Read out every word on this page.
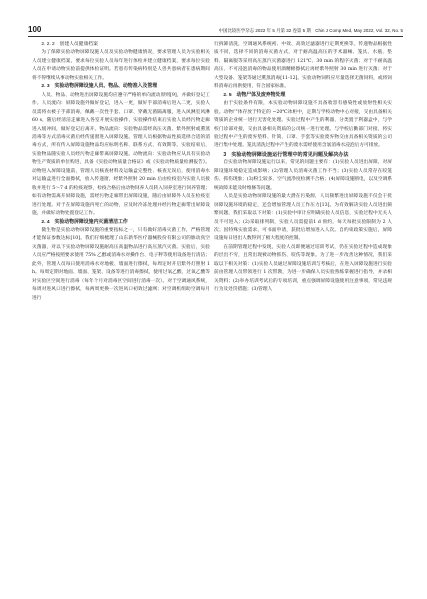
100	中国比较医学杂志 2022 年 5 月第 32 卷第 5 期　Chin J Comp Med, May 2022, Vol. 32, No. 5

2. 2. 2　创建人员健康档案

为了保障实验动物屏障设施人员及实验动物健康情况，要求管理人员为实验相关人员建立健康档案，要求每位实验人员每年进行体检并建立健康档案，要求每位实验人员在申请动物实验前提供体检证明。若患有传染病特别是人兽共患病者在患病期间将不得继续从事动物实验相关工作。

2. 3　实验动物屏障设施人员、物品、动物准入及管理

人员、物品、动物进出屏障设施均应遵守严格的单向流动原则[9]，并做好登记工作。人员流向：屏障设施外做好登记，进入一更，做好手部消毒后进入二更，实验人员需将衣被子手部消毒，佩戴一次性手套、口罩、穿戴无菌隔离服，进入风淋室风淋 60 s，随后经清洁走廊进入各室开展实验操作，实验操作结束后实验人员经污物走廊进入缓冲间，做好登记后离开。物品流向：实验物品需经高压灭菌、紫外照射或熏蒸消毒等方式消毒灭菌后经传递窗进入屏障设施。管理人员根据物品性质选择合适的消毒方式，所有传入屏障设施物品均应标明名称、联系方式、有效期等。实验结束后，实验物品随实验人员经污物走廊带离屏障设施。动物流向：实验动物应从具有实验动物生产资质的单位购进，具备《实验动物质量合格证》或《实验动物质量检测报告》。动物进入屏障设施前，管理人员核查材料及运输盒完整性、核查无误后，使用消毒水对运输盒进行全面擦拭，放入传递窗，经紫外照射 20 min 后由检疫室内实验人员接收并进行 5～7 d 的检疫观察，检疫合格后由动物饲养人员转入饲养室进行饲养管理；如有动物需离开屏障设施，需经污物走廊带出屏障设施，随后由屏障外人员在检疫室进行处理。对于在屏障设施内死亡的动物，应及时冷冻处理并经污物走廊带出屏障设施，并做好动物处置登记工作。

2. 4　实验动物屏障设施内灭菌清洁工作

微生物是实验动物屏障设施的重要指标之一，只有做好消毒灭菌工作，严格管理才能保证参数达标[10]。我们仔细梳理了山东新华医疗器械股份有限公司的脉动真空灭菌器，对以下实验动物屏障设施耐高压高温物品进行高压蒸汽灭菌。实验后，实验人员应严格按照要求使用 75% 乙醇或消毒水对操作台、电子秤等使用设备进行清洁；此外，管理人员每日使用消毒水对地板、墙面进行擦拭，每周定时开启紫外灯照射 1 h。每周定期对地面、墙面、笼架、设备等进行消毒擦拭，使用过氧乙酸、过氧乙酸等对实验区空间进行消毒（每年个月对消毒区空间进行消毒一次）。对于空调通风系统，每周对进风口进行擦拭，每两周更换一次进风口初效过滤网；对空调机组助空调每月进行

行拆卸清洗，空调通风系统初、中效、高效过滤器进行定期更换等。传递物品根据性质不同，选择不同的消毒灭菌方式，对于耐高温高压的手术器械、笼具、水瓶、垫料、隔离服等采用高压蒸汽灭菌器进行 121℃、30 min 的程序灭菌；对于不耐高温高压、不可浸泡消毒的物品使用酒精棉擦拭后再经紫外照射 30 min 进行灭菌；对于大型设备、笼架等通过熏蒸消毒[11-12]。实验动物饲料应尽量选择无菌饲料，或将饲料消毒后再供使用，符合国家标准。

2. 5　动物尸体及废弃物处理

由于实验条件有限，本实验动物屏障设施不具备收容有感染性或放射性相关实验。动物尸体存放于特定的 −20℃冰柜中，定期与学校动物中心对接，交由具备相关资质的企业统一进行无害化处理。实验过程中产生的利器，分类置于利器盒中，与学校门诊部对接，交由具备相关资质的公司统一进行处理。与学校后勤部门对接，将实验过程中产生的废弃垫料、针筒、口罩、手套等实验废弃物交由具备相关资质的公司进行集中处理。笼具清洗过程中产生的废水需经使用含氯消毒水浸泡后方可排放。

3　实验动物屏障设施运行管理中的常见问题及解决办法

自实验动物屏障设施运行以来，常见的问题主要有：(1)实验人员进出屏障，对屏障设施环境稳定造成影响；(2)管理人员消毒灭菌工作不当；(3)实验人员常存在咬笼伤、抓伤现象；(3)粉尘较多、空气流净度检测不合格；(4)屏障设施断电，以及空调系统故障未能及时维修等问题。

人员是实验动物屏障设施的最大潜在污染源，人员频繁进出屏障设施不仅会干扰屏障设施环境的稳定，还会增加管理人员工作压力[13]。为有效解决实验人员进出频繁问题，我们采取以下对策：(1)实验中审计应明确实验人员信息，实验过程中无关人员不可进入；(2)采取排列制，实验人员需提前1 d 预约，每天每批实验限制为 2 人次；因特殊实验需求，可书面申请，获批后增加进入人次。自约束政策实施后，屏障设施每日进出人数得到了极大程度的控制。

在前期管理过程中发现，实验人员即便通过培训考试，仍在实验过程中造成现象的层出不穷，且常出现被动物抓伤、咬伤等现象。为了进一步改善这种情况，我们采取以下相关对策：(1)实验人员通过屏障设施培训与考核后，在进入屏障设施进行实验前由管理人员带领进行 1 次带教，为进一步确保人员实验熟练掌握进行指导，并录相关资料；(2)举办培训考试后的专项培训，重点强调屏障设施使用注意事项，常见违规行为及处罚措施；(3)管理人
